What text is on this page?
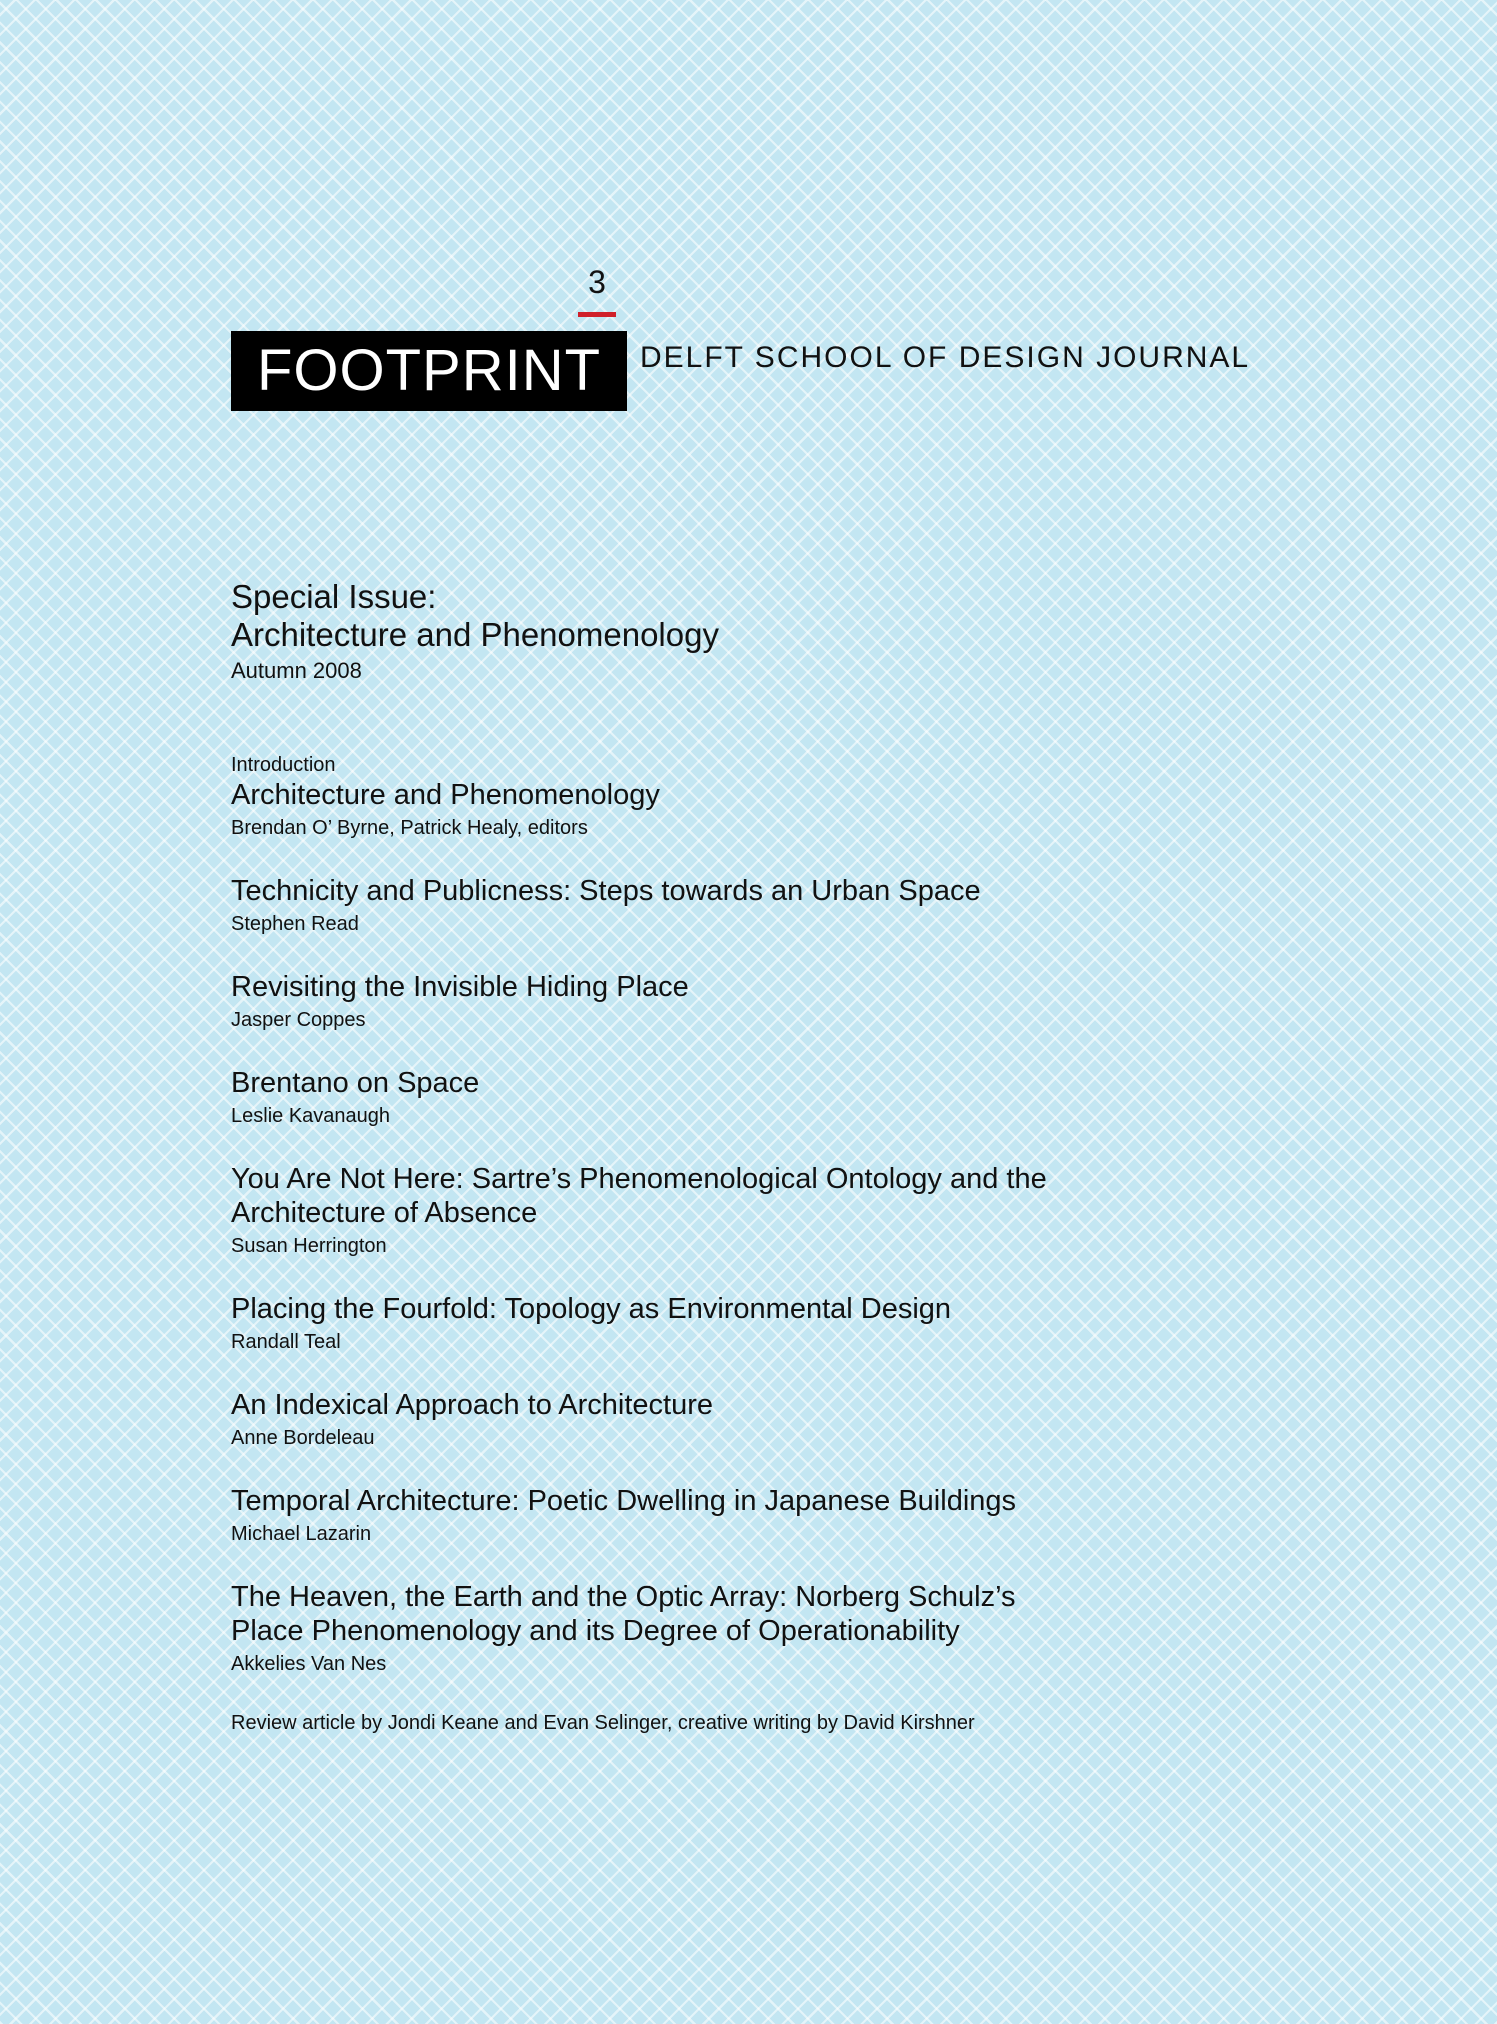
3
FOOTPRINT	DELFT SCHOOL OF DESIGN JOURNAL
Special Issue:
Architecture and Phenomenology
Autumn 2008
Introduction
Architecture and Phenomenology
Brendan O’ Byrne, Patrick Healy, editors
Technicity and Publicness: Steps towards an Urban Space
Stephen Read
Revisiting the Invisible Hiding Place
Jasper Coppes
Brentano on Space
Leslie Kavanaugh
You Are Not Here: Sartre’s Phenomenological Ontology and the Architecture of Absence
Susan Herrington
Placing the Fourfold: Topology as Environmental Design
Randall Teal
An Indexical Approach to Architecture
Anne Bordeleau
Temporal Architecture: Poetic Dwelling in Japanese Buildings
Michael Lazarin
The Heaven, the Earth and the Optic Array: Norberg Schulz’s Place Phenomenology and its Degree of Operationability
Akkelies Van Nes
Review article by Jondi Keane and Evan Selinger, creative writing by David Kirshner
